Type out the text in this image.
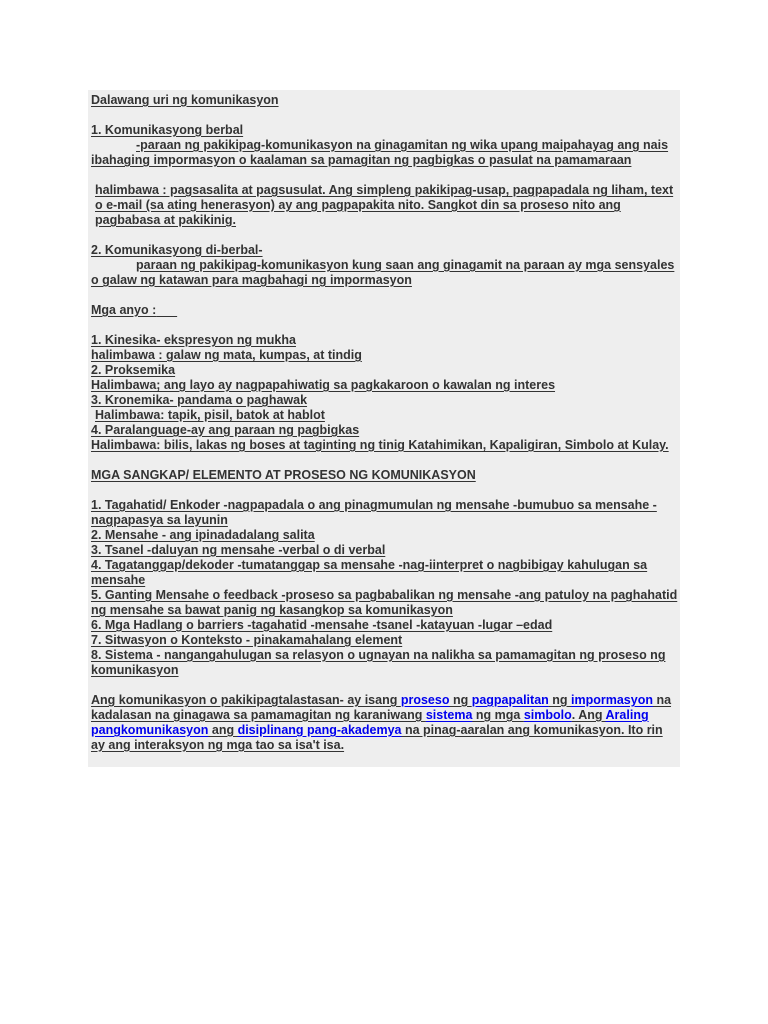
Dalawang uri ng komunikasyon

1. Komunikasyong berbal

-paraan ng pakikipag-komunikasyon na ginagamitan ng wika upang maipahayag ang nais

ibahaging impormasyon o kaalaman sa pamagitan ng pagbigkas o pasulat na pamamaraan

halimbawa : pagsasalita at pagsusulat. Ang simpleng pakikipag-usap, pagpapadala ng liham, text o e-mail (sa ating henerasyon) ay ang pagpapakita nito. Sangkot din sa proseso nito ang pagbabasa at pakikinig.

2. Komunikasyong di-berbal-

paraan ng pakikipag-komunikasyon kung saan ang ginagamit na paraan ay mga sensyales

o galaw ng katawan para magbahagi ng impormasyon

Mga anyo :

1. Kinesika- ekspresyon ng mukha

halimbawa : galaw ng mata, kumpas, at tindig

2. Proksemika

Halimbawa; ang layo ay nagpapahiwatig sa pagkakaroon o kawalan ng interes

3. Kronemika- pandama o paghawak

Halimbawa: tapik, pisil, batok at hablot

4. Paralanguage-ay ang paraan ng pagbigkas

Halimbawa: bilis, lakas ng boses at taginting ng tinig Katahimikan, Kapaligiran, Simbolo at Kulay.

MGA SANGKAP/ ELEMENTO AT PROSESO NG KOMUNIKASYON

1. Tagahatid/ Enkoder -nagpapadala o ang pinagmumulan ng mensahe -bumubuo sa mensahe - nagpapasya sa layunin

2. Mensahe - ang ipinadadalang salita

3. Tsanel -daluyan ng mensahe -verbal o di verbal

4. Tagatanggap/dekoder -tumatanggap sa mensahe -nag-iinterpret o nagbibigay kahulugan sa mensahe

5. Ganting Mensahe o feedback -proseso sa pagbabalikan ng mensahe -ang patuloy na paghahatid ng mensahe sa bawat panig ng kasangkop sa komunikasyon

6. Mga Hadlang o barriers -tagahatid -mensahe -tsanel -katayuan -lugar –edad

7. Sitwasyon o Konteksto - pinakamahalang element

8. Sistema - nangangahulugan sa relasyon o ugnayan na nalikha sa pamamagitan ng proseso ng komunikasyon

Ang komunikasyon o pakikipagtalastasan- ay isang proseso ng pagpapalitan ng impormasyon na kadalasan na ginagawa sa pamamagitan ng karaniwang sistema ng mga simbolo. Ang Araling pangkomunikasyon ang disiplinang pang-akademya na pinag-aaralan ang komunikasyon. Ito rin ay ang interaksyon ng mga tao sa isa't isa.
